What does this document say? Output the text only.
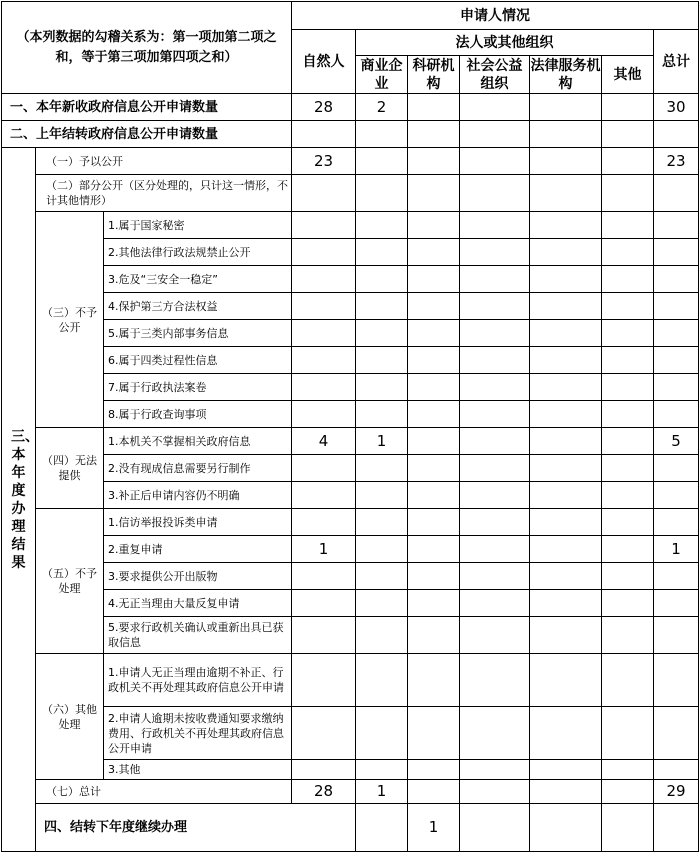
（本列数据的勾稽关系为：第一项加第二项之和，等于第三项加第四项之和）			申请人情况							
			自然人	法人或其他组织					总计	
				商业企业	科研机构	社会公益组织	法律服务机构	其他		
一、本年新收政府信息公开申请数量			28	2					30	
二、上年结转政府信息公开申请数量										
三、本年度办理结果	（一）予以公开		23						23	
	（二）部分公开（区分处理的，只计这一情形，不计其他情形）									
	（三）不予公开	1.属于国家秘密								
		2.其他法律行政法规禁止公开								
		3.危及“三安全一稳定”								
		4.保护第三方合法权益								
		5.属于三类内部事务信息								
		6.属于四类过程性信息								
		7.属于行政执法案卷								
		8.属于行政查询事项								
	（四）无法提供	1.本机关不掌握相关政府信息	4	1					5	
		2.没有现成信息需要另行制作								
		3.补正后申请内容仍不明确								
	（五）不予处理	1.信访举报投诉类申请								
		2.重复申请	1						1	
		3.要求提供公开出版物								
		4.无正当理由大量反复申请								
		5.要求行政机关确认或重新出具已获取信息								
	（六）其他处理	1.申请人无正当理由逾期不补正、行政机关不再处理其政府信息公开申请								
		2.申请人逾期未按收费通知要求缴纳费用、行政机关不再处理其政府信息公开申请								
		3.其他								
	（七）总计		28	1					29	
	四、结转下年度继续办理				1					
